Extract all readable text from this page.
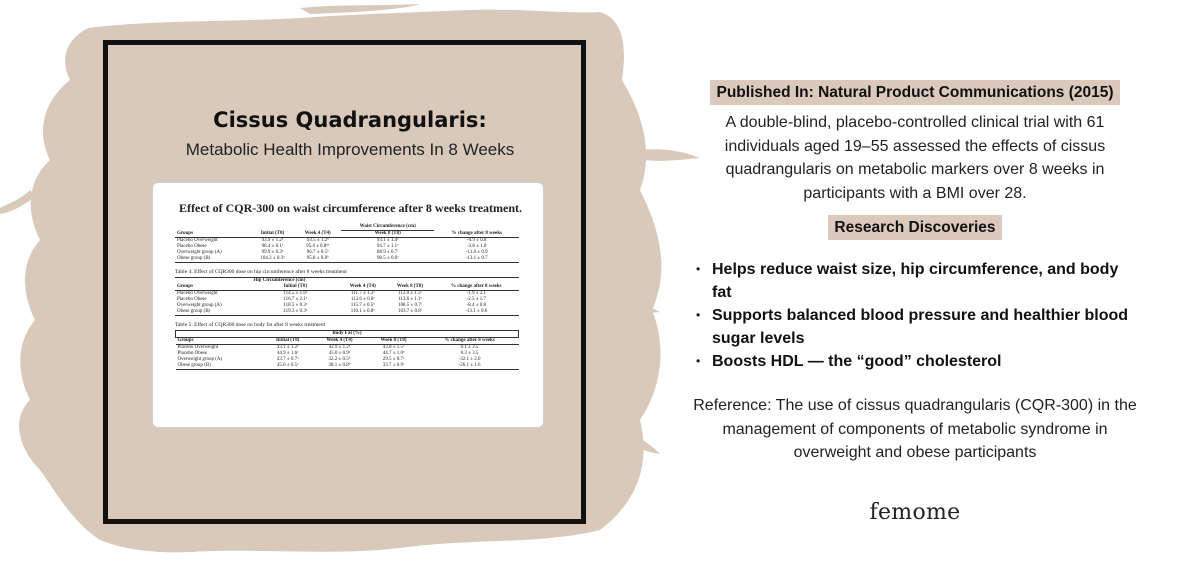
Cissus Quadrangularis:
Metabolic Health Improvements In 8 Weeks
Effect of CQR-300 on waist circumference after 8 weeks treatment.
			Waist Circumference (cm)	
Groups	Initial (T0)	Week 4 (T4)	Week 8 (T8)	% change after 8 weeks
Placebo Overweight	93.9 ± 1.2ᵃ	93.5 ± 1.2ᵃ	93.1 ± 1.4ᵃ	-0.9 ± 0.8
Placebo Obese	98.4 ± 0.1ᵃ	95.4 ± 0.8ᵃᵇ	94.7 ± 1.1ᵃ	-3.8 ± 1.0
Overweight group (A)	99.9 ± 0.3ᵃ	96.7 ± 0.5ᵇ	88.9 ± 0.7ᶜ	-11.0 ± 0.9
Obese group (B)	104.2 ± 0.3ᵃ	95.8 ± 0.8ᵇ	90.5 ± 0.0ᶜ	-13.1 ± 0.7
Table 4: Effect of CQR300 dose on hip circumference after 8 weeks treatment
	Hip Circumference (cm)			
Groups	Initial (T0)	Week 4 (T4)	Week 8 (T8)	% change after 8 weeks
Placebo Overweight	114.5 ± 1.6ᵃ	111.7 ± 1.2ᵃ	112.0 ± 1.5ᵃ	-1.9 ± 2.1
Placebo Obese	116.7 ± 2.1ᵃ	113.6 ± 0.8ᵃ	113.6 ± 1.1ᵃ	-2.5 ± 1.7
Overweight group (A)	118.5 ± 0.3ᵃ	115.7 ± 0.5ᵇ	108.5 ± 0.7ᶜ	-8.4 ± 0.8
Obese group (B)	119.3 ± 0.3ᵃ	110.1 ± 0.8ᵇ	103.7 ± 0.8ᶜ	-13.1 ± 0.6
Table 5: Effect of CQR300 dose on body fat after 8 weeks treatment
Body Fat (%)				
Groups	Initial (T0)	Week 4 (T4)	Week 8 (T8)	% change after 8 weeks
Placebo Overweight	43.1 ± 1.2ᵃ	42.9 ± 1.2ᵃ	43.0 ± 1.5ᵃ	0.1 ± 3.5
Placebo Obese	44.9 ± 1.6ᵃ	45.0 ± 0.9ᵃ	44.7 ± 1.0ᵃ	0.3 ± 3.5
Overweight group (A)	43.7 ± 0.7ᵃ	32.2 ± 0.5ᵇ	29.5 ± 0.7ᶜ	-32.1 ± 2.0
Obese group (B)	45.6 ± 0.5ᵃ	38.1 ± 0.8ᵇ	33.7 ± 0.9ᶜ	-26.1 ± 1.6
Published In: Natural Product Communications (2015)
A double-blind, placebo-controlled clinical trial with 61 individuals aged 19–55 assessed the effects of cissus quadrangularis on metabolic markers over 8 weeks in participants with a BMI over 28.
Research Discoveries
• Helps reduce waist size, hip circumference, and body fat
• Supports balanced blood pressure and healthier blood sugar levels
• Boosts HDL — the “good” cholesterol
Reference: The use of cissus quadrangularis (CQR-300) in the management of components of metabolic syndrome in overweight and obese participants
femome
